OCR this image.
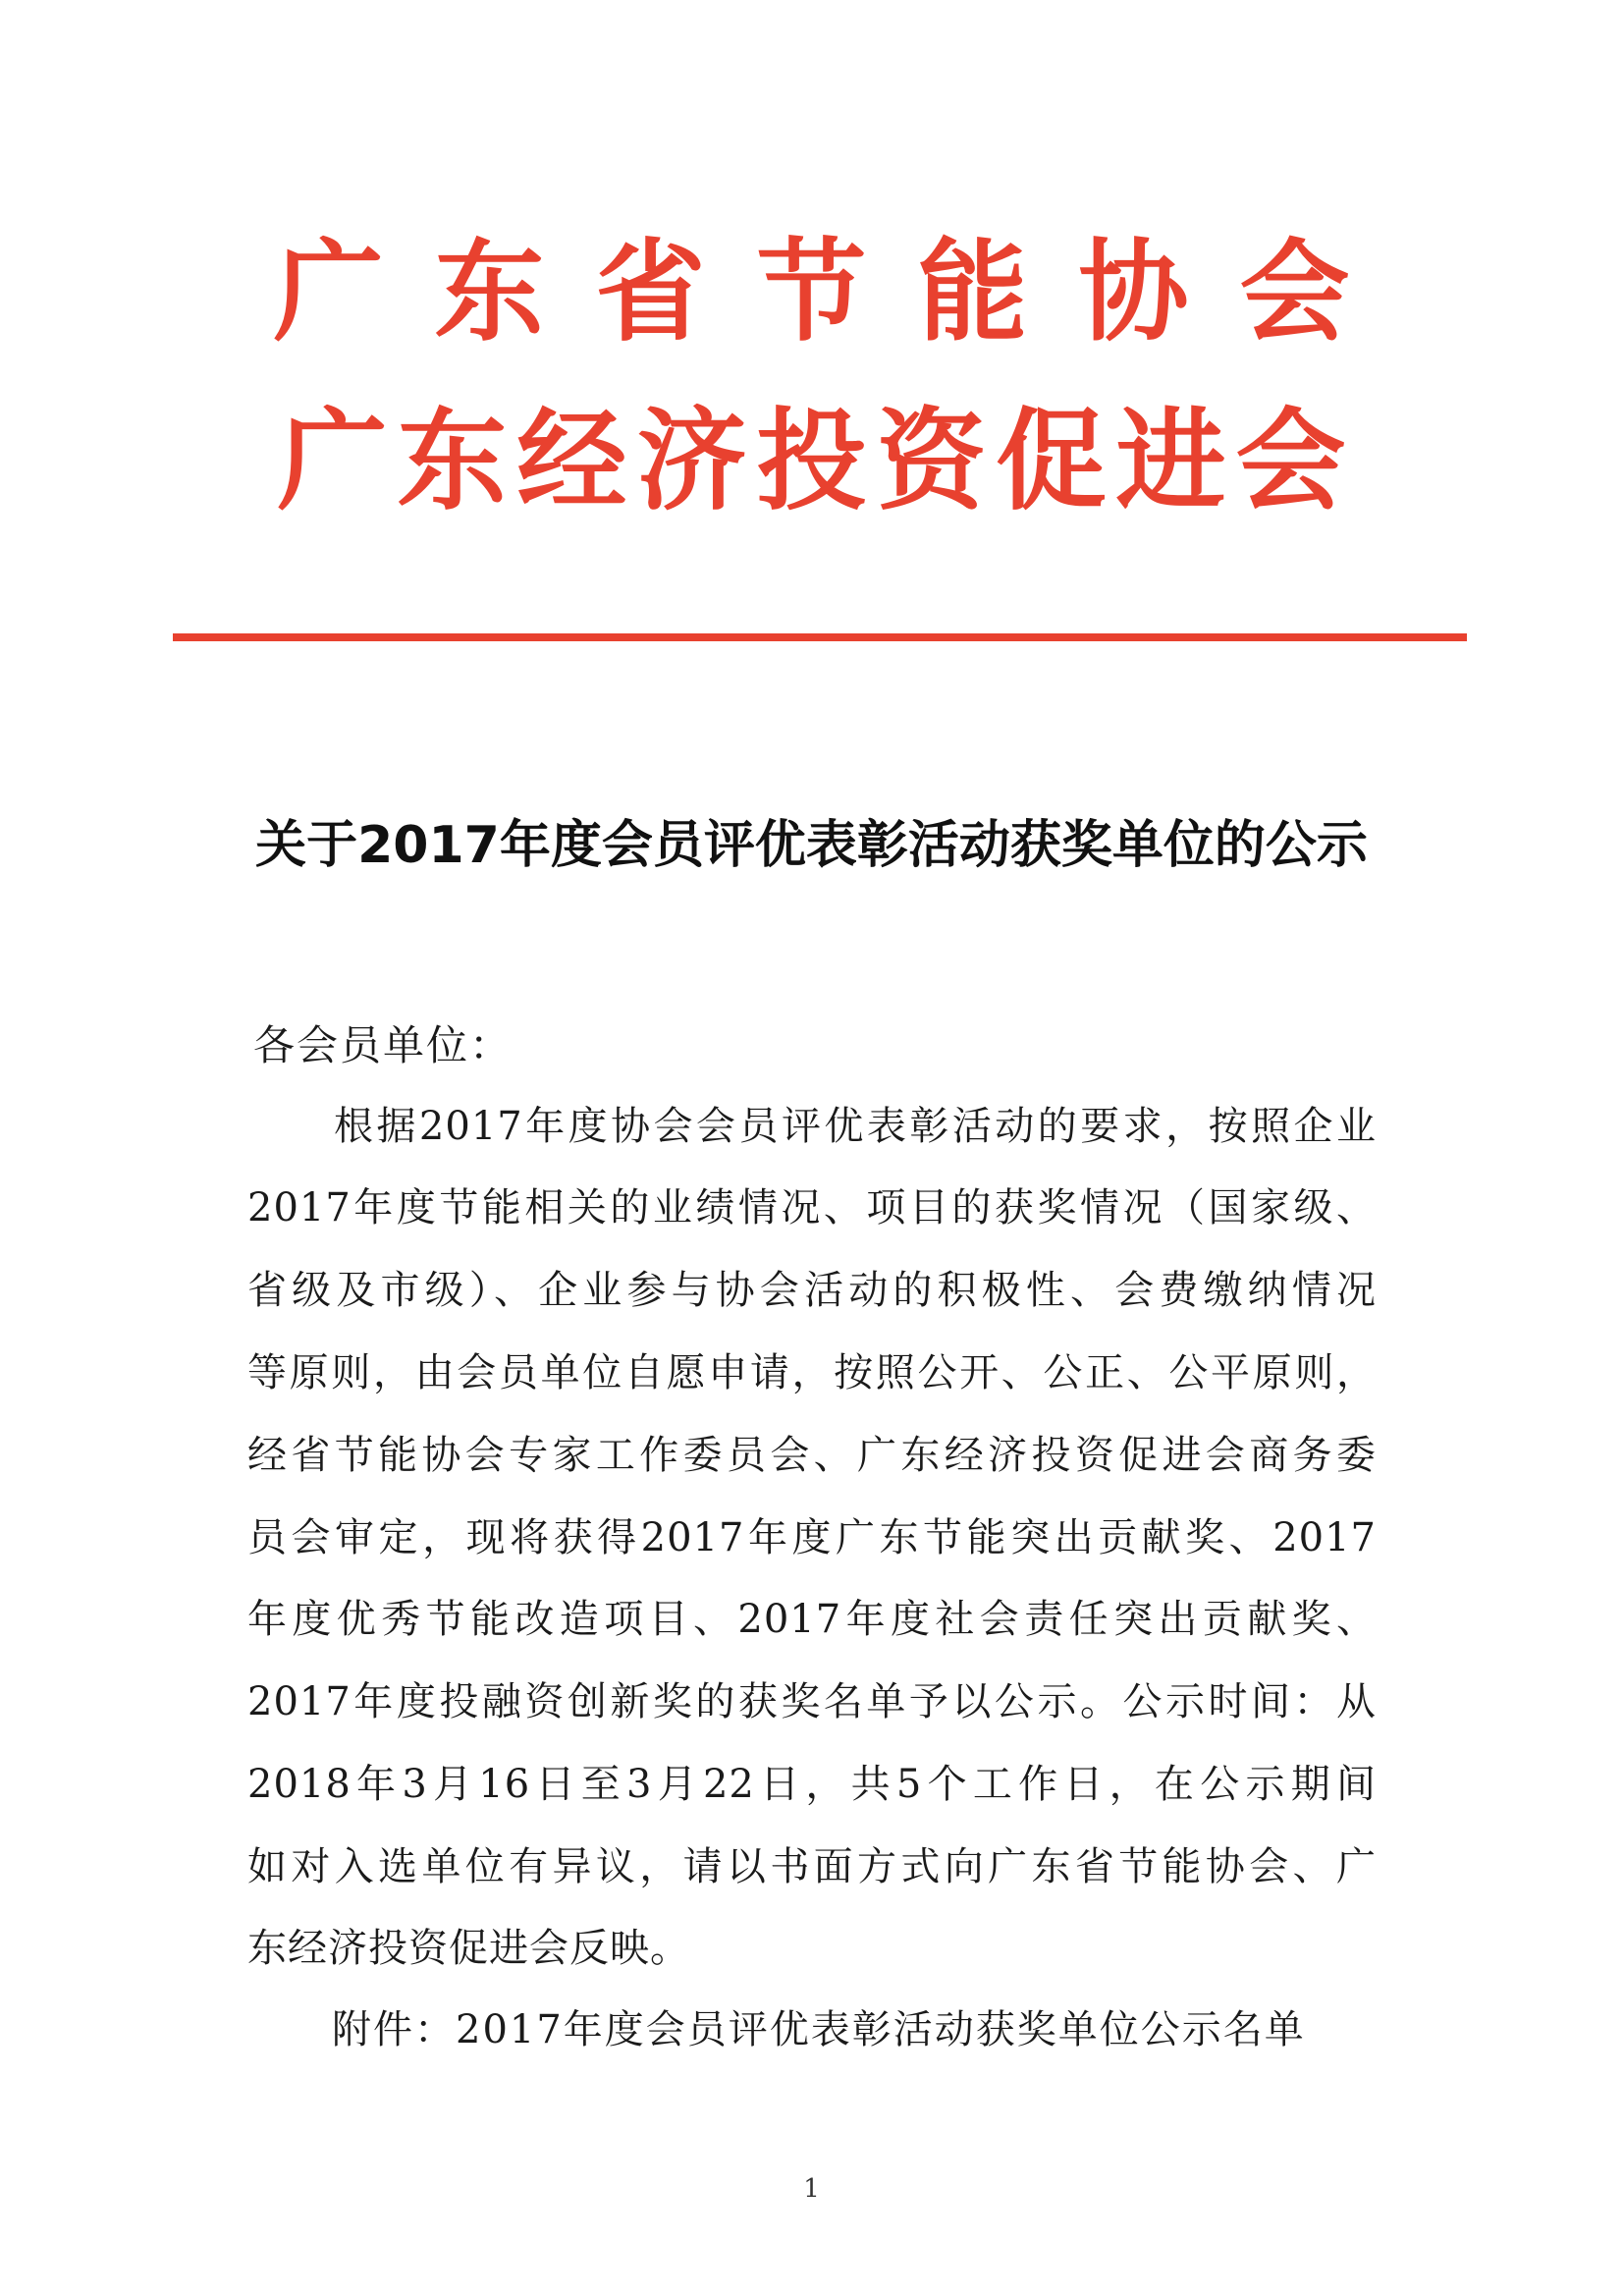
广东省节能协会
广东经济投资促进会
关于2017年度会员评优表彰活动获奖单位的公示
各会员单位：
根据2017年度协会会员评优表彰活动的要求，按照企业
2017年度节能相关的业绩情况、项目的获奖情况（国家级、
省级及市级）、企业参与协会活动的积极性、会费缴纳情况
等原则，由会员单位自愿申请，按照公开、公正、公平原则，
经省节能协会专家工作委员会、广东经济投资促进会商务委
员会审定，现将获得2017年度广东节能突出贡献奖、2017
年度优秀节能改造项目、2017年度社会责任突出贡献奖、
2017年度投融资创新奖的获奖名单予以公示。公示时间：从
2018年3月16日至3月22日，共5个工作日，在公示期间
如对入选单位有异议，请以书面方式向广东省节能协会、广
东经济投资促进会反映。
附件：2017年度会员评优表彰活动获奖单位公示名单
1
